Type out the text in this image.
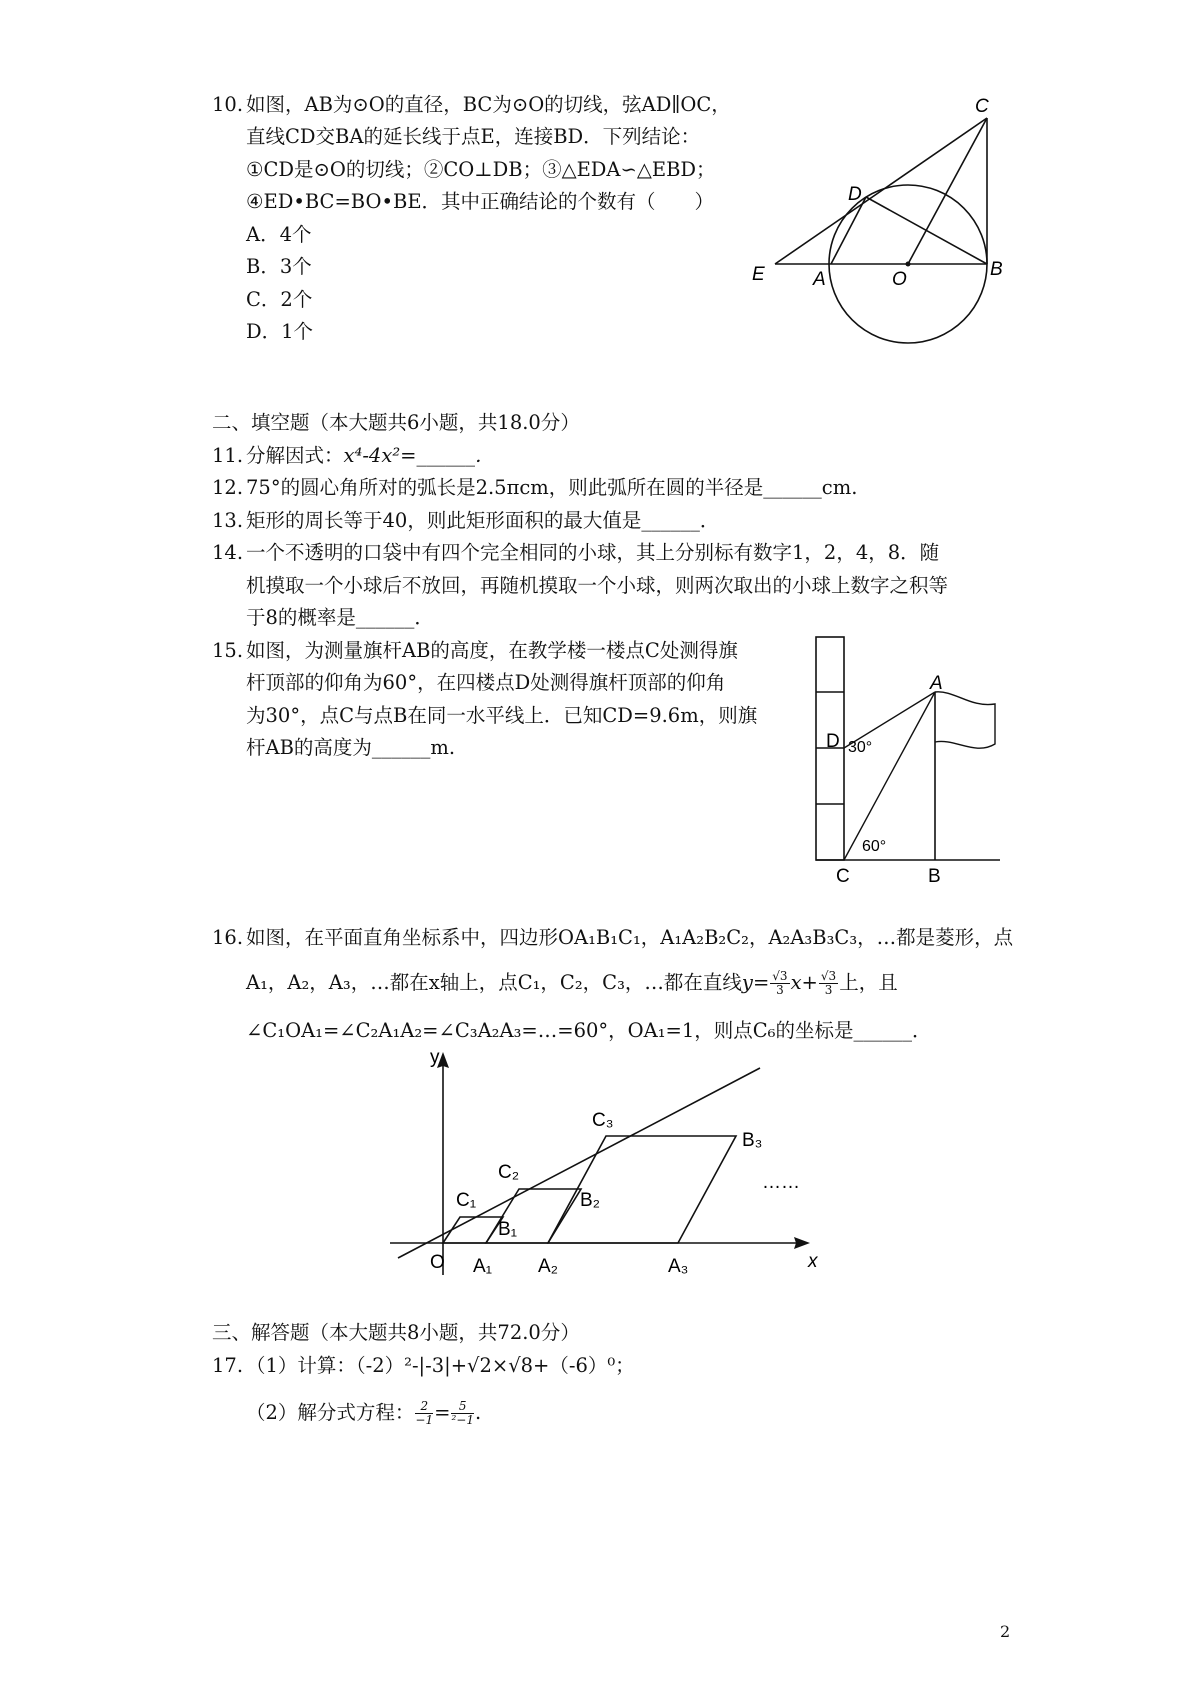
10. 如图，AB为⊙O的直径，BC为⊙O的切线，弦AD∥OC，
直线CD交BA的延长线于点E，连接BD．下列结论：
①CD是⊙O的切线；②CO⊥DB；③△EDA∽△EBD；
④ED•BC=BO•BE．其中正确结论的个数有（　　）
A．4个
B．3个
C．2个
D．1个
C
D
E	A	O	B
二、填空题（本大题共6小题，共18.0分）
11. 分解因式：x⁴-4x²=______．
12. 75°的圆心角所对的弧长是2.5πcm，则此弧所在圆的半径是______cm.
13. 矩形的周长等于40，则此矩形面积的最大值是______．
14. 一个不透明的口袋中有四个完全相同的小球，其上分别标有数字1，2，4，8．随
机摸取一个小球后不放回，再随机摸取一个小球，则两次取出的小球上数字之积等
于8的概率是______．
15. 如图，为测量旗杆AB的高度，在教学楼一楼点C处测得旗
杆顶部的仰角为60°，在四楼点D处测得旗杆顶部的仰角
为30°，点C与点B在同一水平线上．已知CD=9.6m，则旗
杆AB的高度为______m.
A
D 30°
60°
C	B
16. 如图，在平面直角坐标系中，四边形OA₁B₁C₁，A₁A₂B₂C₂，A₂A₃B₃C₃，…都是菱形，点
A₁，A₂，A₃，…都在x轴上，点C₁，C₂，C₃，…都在直线$y= \frac{√3}{3} x+ \frac{√3}{3}$ 上，且
∠C₁OA₁=∠C₂A₁A₂=∠C₃A₂A₃=…=60°，OA₁=1，则点C₆的坐标是______．
y
x
O A₁ A₂	A₃
B₁
B₂
B₃
C₁
C₂
C₃
……
三、解答题（本大题共8小题，共72.0分）
17. （1）计算：（-2）²-|-3|+√2×√8+（-6）⁰；
（2）解分式方程： $\frac{2}{-1} = \frac{5}{\text{²−1}}$ .
2
